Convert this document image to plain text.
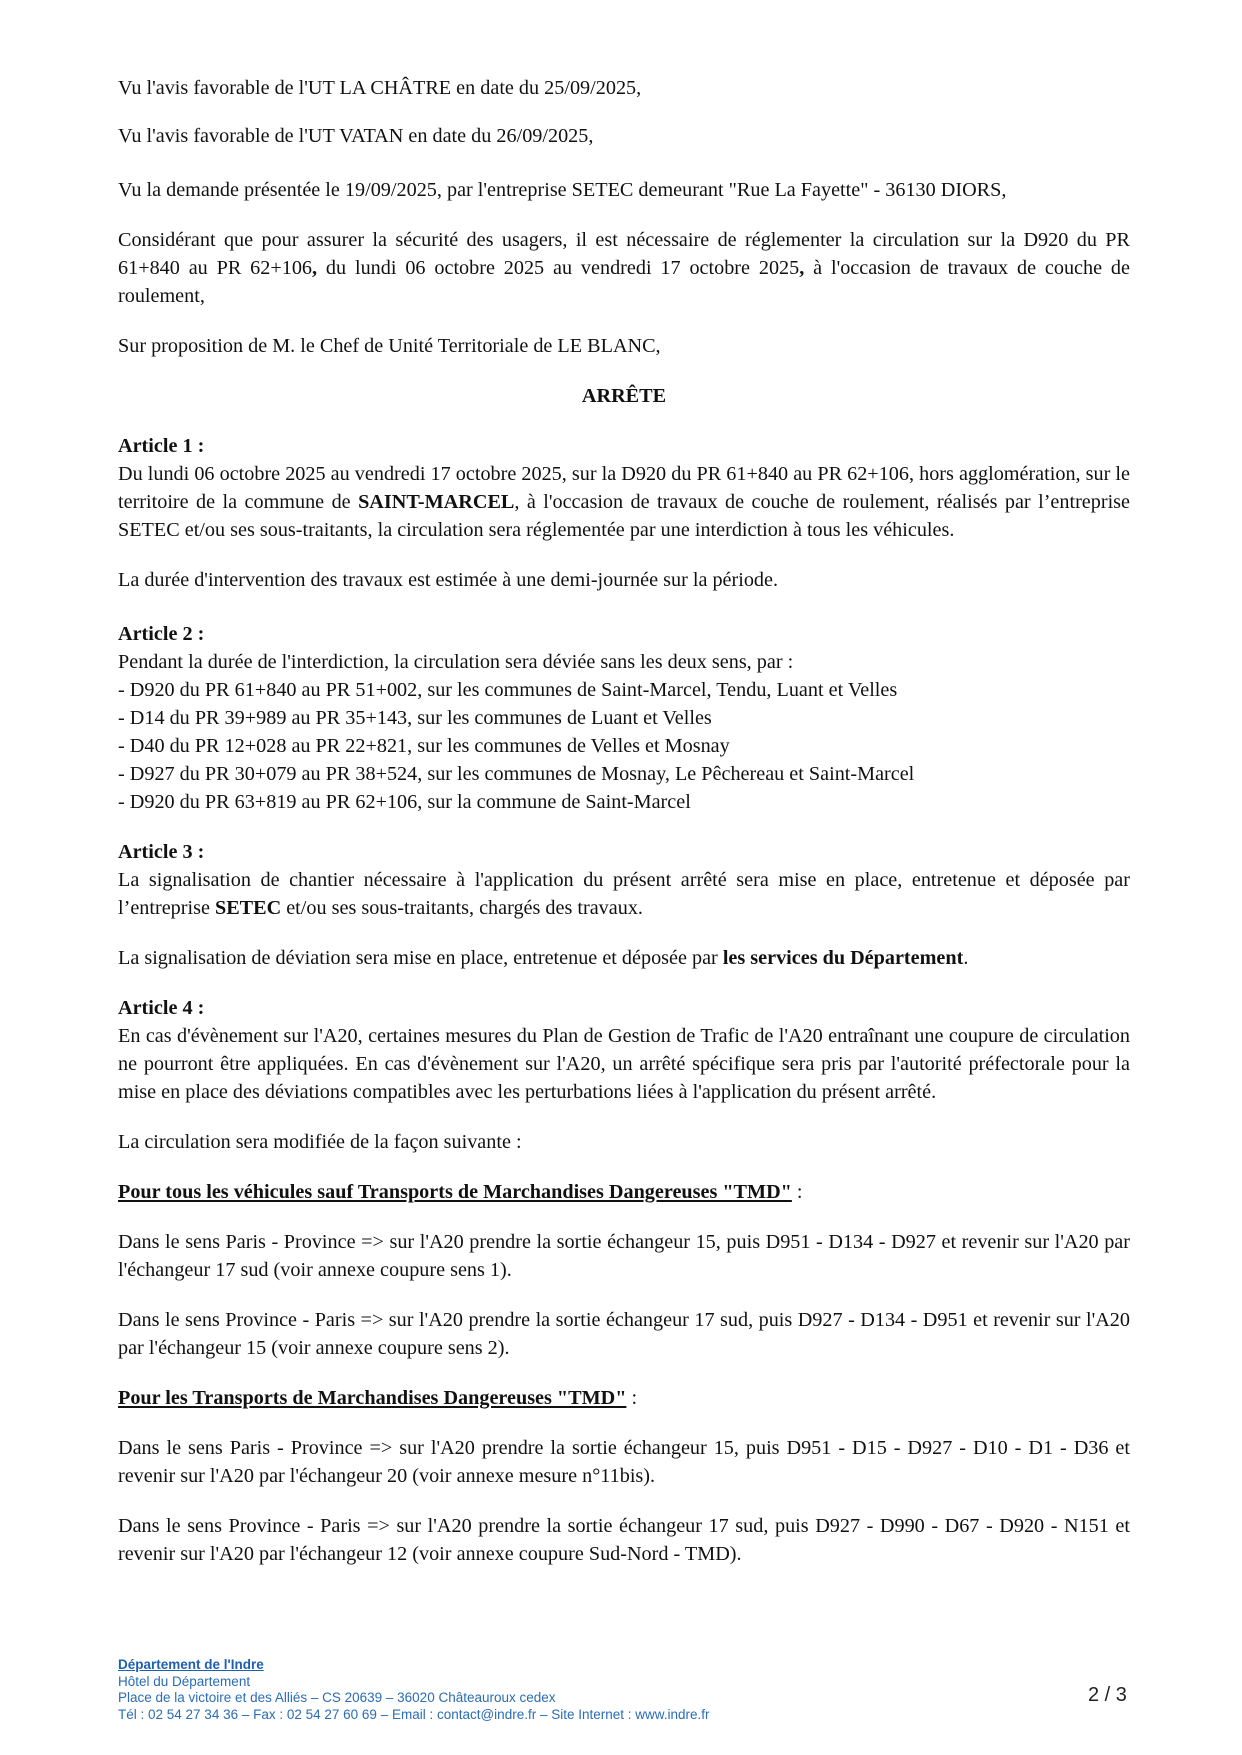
Vu l'avis favorable de l'UT LA CHÂTRE en date du 25/09/2025,

Vu l'avis favorable de l'UT VATAN en date du 26/09/2025,

Vu la demande présentée le 19/09/2025, par l'entreprise SETEC demeurant "Rue La Fayette" - 36130 DIORS,

Considérant que pour assurer la sécurité des usagers, il est nécessaire de réglementer la circulation sur la D920 du PR 61+840 au PR 62+106, du lundi 06 octobre 2025 au vendredi 17 octobre 2025, à l'occasion de travaux de couche de roulement,

Sur proposition de M. le Chef de Unité Territoriale de LE BLANC,

ARRÊTE

Article 1 :

Du lundi 06 octobre 2025 au vendredi 17 octobre 2025, sur la D920 du PR 61+840 au PR 62+106, hors agglomération, sur le territoire de la commune de SAINT-MARCEL, à l'occasion de travaux de couche de roulement, réalisés par l’entreprise SETEC et/ou ses sous-traitants, la circulation sera réglementée par une interdiction à tous les véhicules.

La durée d'intervention des travaux est estimée à une demi-journée sur la période.

Article 2 :

Pendant la durée de l'interdiction, la circulation sera déviée sans les deux sens, par :

- D920 du PR 61+840 au PR 51+002, sur les communes de Saint-Marcel, Tendu, Luant et Velles

- D14 du PR 39+989 au PR 35+143, sur les communes de Luant et Velles

- D40 du PR 12+028 au PR 22+821, sur les communes de Velles et Mosnay

- D927 du PR 30+079 au PR 38+524, sur les communes de Mosnay, Le Pêchereau et Saint-Marcel

- D920 du PR 63+819 au PR 62+106, sur la commune de Saint-Marcel

Article 3 :

La signalisation de chantier nécessaire à l'application du présent arrêté sera mise en place, entretenue et déposée par l’entreprise SETEC et/ou ses sous-traitants, chargés des travaux.

La signalisation de déviation sera mise en place, entretenue et déposée par les services du Département.

Article 4 :

En cas d'évènement sur l'A20, certaines mesures du Plan de Gestion de Trafic de l'A20 entraînant une coupure de circulation ne pourront être appliquées. En cas d'évènement sur l'A20, un arrêté spécifique sera pris par l'autorité préfectorale pour la mise en place des déviations compatibles avec les perturbations liées à l'application du présent arrêté.

La circulation sera modifiée de la façon suivante :

Pour tous les véhicules sauf Transports de Marchandises Dangereuses "TMD" :

Dans le sens Paris - Province => sur l'A20 prendre la sortie échangeur 15, puis D951 - D134 - D927 et revenir sur l'A20 par l'échangeur 17 sud (voir annexe coupure sens 1).

Dans le sens Province - Paris => sur l'A20 prendre la sortie échangeur 17 sud, puis D927 - D134 - D951 et revenir sur l'A20 par l'échangeur 15 (voir annexe coupure sens 2).

Pour les Transports de Marchandises Dangereuses "TMD" :

Dans le sens Paris - Province => sur l'A20 prendre la sortie échangeur 15, puis D951 - D15 - D927 - D10 - D1 - D36 et revenir sur l'A20 par l'échangeur 20 (voir annexe mesure n°11bis).

Dans le sens Province - Paris => sur l'A20 prendre la sortie échangeur 17 sud, puis D927 - D990 - D67 - D920 - N151 et revenir sur l'A20 par l'échangeur 12 (voir annexe coupure Sud-Nord - TMD).

Département de l'Indre
Hôtel du Département
Place de la victoire et des Alliés – CS 20639 – 36020 Châteauroux cedex
Tél : 02 54 27 34 36 – Fax : 02 54 27 60 69 – Email : contact@indre.fr – Site Internet : www.indre.fr
2 / 3
